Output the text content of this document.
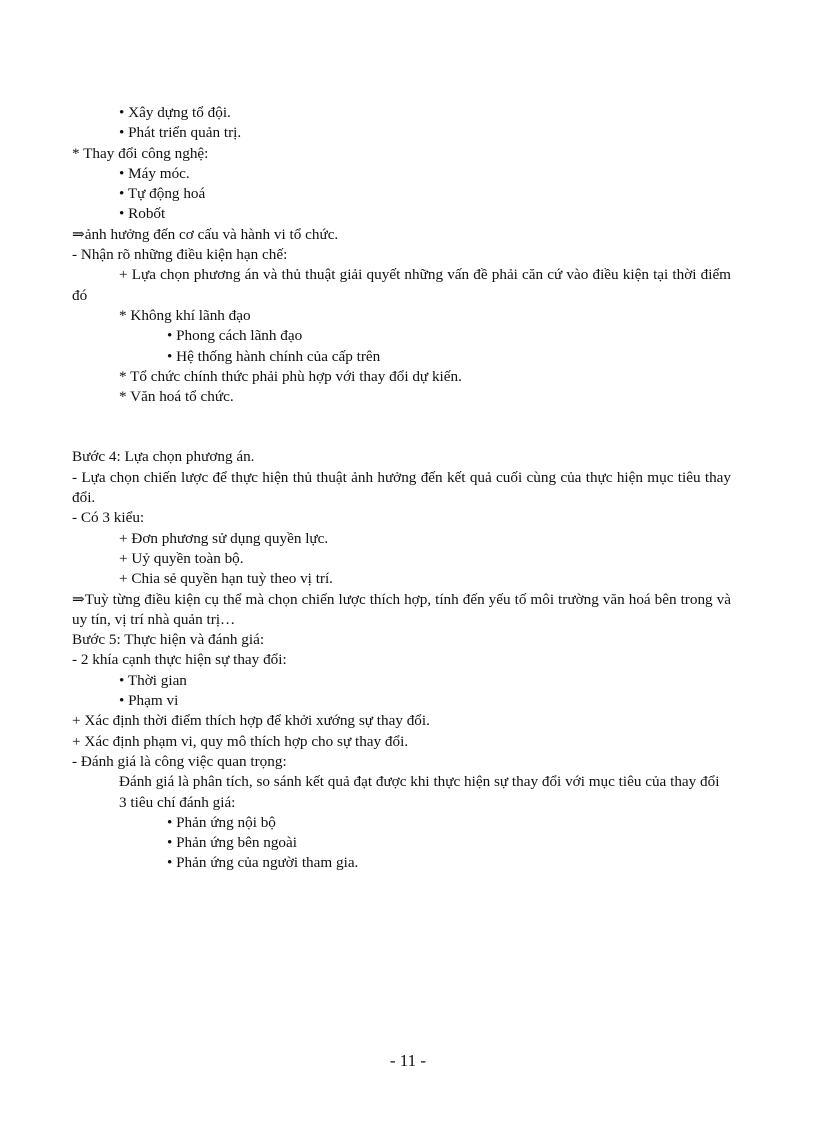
• Xây dựng tổ đội.
• Phát triển quản trị.
* Thay đổi công nghệ:
• Máy móc.
• Tự động hoá
• Robốt
⇒ảnh hưởng đến cơ cấu và hành vi tổ chức.
- Nhận rõ những điều kiện hạn chế:
+ Lựa chọn phương án và thủ thuật giải quyết những vấn đề phải căn cứ vào điều kiện tại thời điểm đó
* Không khí lãnh đạo
• Phong cách lãnh đạo
• Hệ thống hành chính của cấp trên
* Tổ chức chính thức phải phù hợp với thay đổi dự kiến.
* Văn hoá tổ chức.
Bước 4: Lựa chọn phương án.
- Lựa chọn chiến lược để thực hiện thủ thuật ảnh hưởng đến kết quả cuối cùng của thực hiện mục tiêu thay đổi.
- Có 3 kiểu:
+ Đơn phương sử dụng quyền lực.
+ Uỷ quyền toàn bộ.
+ Chia sẻ quyền hạn tuỳ theo vị trí.
⇒Tuỳ từng điều kiện cụ thể mà chọn chiến lược thích hợp, tính đến yếu tố môi trường văn hoá bên trong và uy tín, vị trí nhà quản trị…
Bước 5: Thực hiện và đánh giá:
- 2 khía cạnh thực hiện sự thay đổi:
• Thời gian
• Phạm vi
+ Xác định thời điểm thích hợp để khởi xướng sự thay đổi.
+ Xác định phạm vi, quy mô thích hợp cho sự thay đổi.
- Đánh giá là công việc quan trọng:
Đánh giá là phân tích, so sánh kết quả đạt được khi thực hiện sự thay đổi với mục tiêu của thay đổi
3 tiêu chí đánh giá:
• Phản ứng nội bộ
• Phản ứng bên ngoài
• Phản ứng của người tham gia.
- 11 -
